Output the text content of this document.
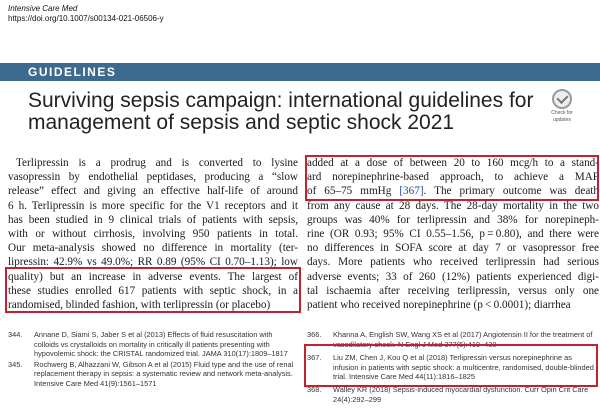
Intensive Care Med
https://doi.org/10.1007/s00134-021-06506-y
GUIDELINES
Surviving sepsis campaign: international guidelines for management of sepsis and septic shock 2021	Check for
updates
Terlipressin is a prodrug and is converted to lysine
vasopressin by endothelial peptidases, producing a “slow
release” effect and giving an effective half-life of around
6 h. Terlipressin is more specific for the V1 receptors and it
has been studied in 9 clinical trials of patients with sepsis,
with or without cirrhosis, involving 950 patients in total.
Our meta-analysis showed no difference in mortality (ter-
lipressin: 42.9% vs 49.0%; RR 0.89 (95% CI 0.70–1.13); low
quality) but an increase in adverse events. The largest of
these studies enrolled 617 patients with septic shock, in a
randomised, blinded fashion, with terlipressin (or placebo)
added at a dose of between 20 to 160 mcg/h to a stand-
ard norepinephrine-based approach, to achieve a MAP
of 65–75 mmHg [367]. The primary outcome was death
from any cause at 28 days. The 28-day mortality in the two
groups was 40% for terlipressin and 38% for norepineph-
rine (OR 0.93; 95% CI 0.55–1.56, p = 0.80), and there were
no differences in SOFA score at day 7 or vasopressor free
days. More patients who received terlipressin had serious
adverse events; 33 of 260 (12%) patients experienced digi-
tal ischaemia after receiving terlipressin, versus only one
patient who received norepinephrine (p < 0.0001); diarrhea
344. Annane D, Siami S, Jaber S et al (2013) Effects of fluid resuscitation with colloids vs crystalloids on mortality in critically ill patients presenting with hypovolemic shock: the CRISTAL randomized trial. JAMA 310(17):1809–1817
345. Rochwerg B, Alhazzani W, Gibson A et al (2015) Fluid type and the use of renal replacement therapy in sepsis: a systematic review and network meta-analysis. Intensive Care Med 41(9):1561–1571
366. Khanna A, English SW, Wang XS et al (2017) Angiotensin II for the treatment of vasodilatory shock. N Engl J Med 377(5):419–430
367. Liu ZM, Chen J, Kou Q et al (2018) Terlipressin versus norepinephrine as infusion in patients with septic shock: a multicentre, randomised, double-blinded trial. Intensive Care Med 44(11):1816–1825
368. Walley KR (2018) Sepsis-induced myocardial dysfunction. Curr Opin Crit Care 24(4):292–299
